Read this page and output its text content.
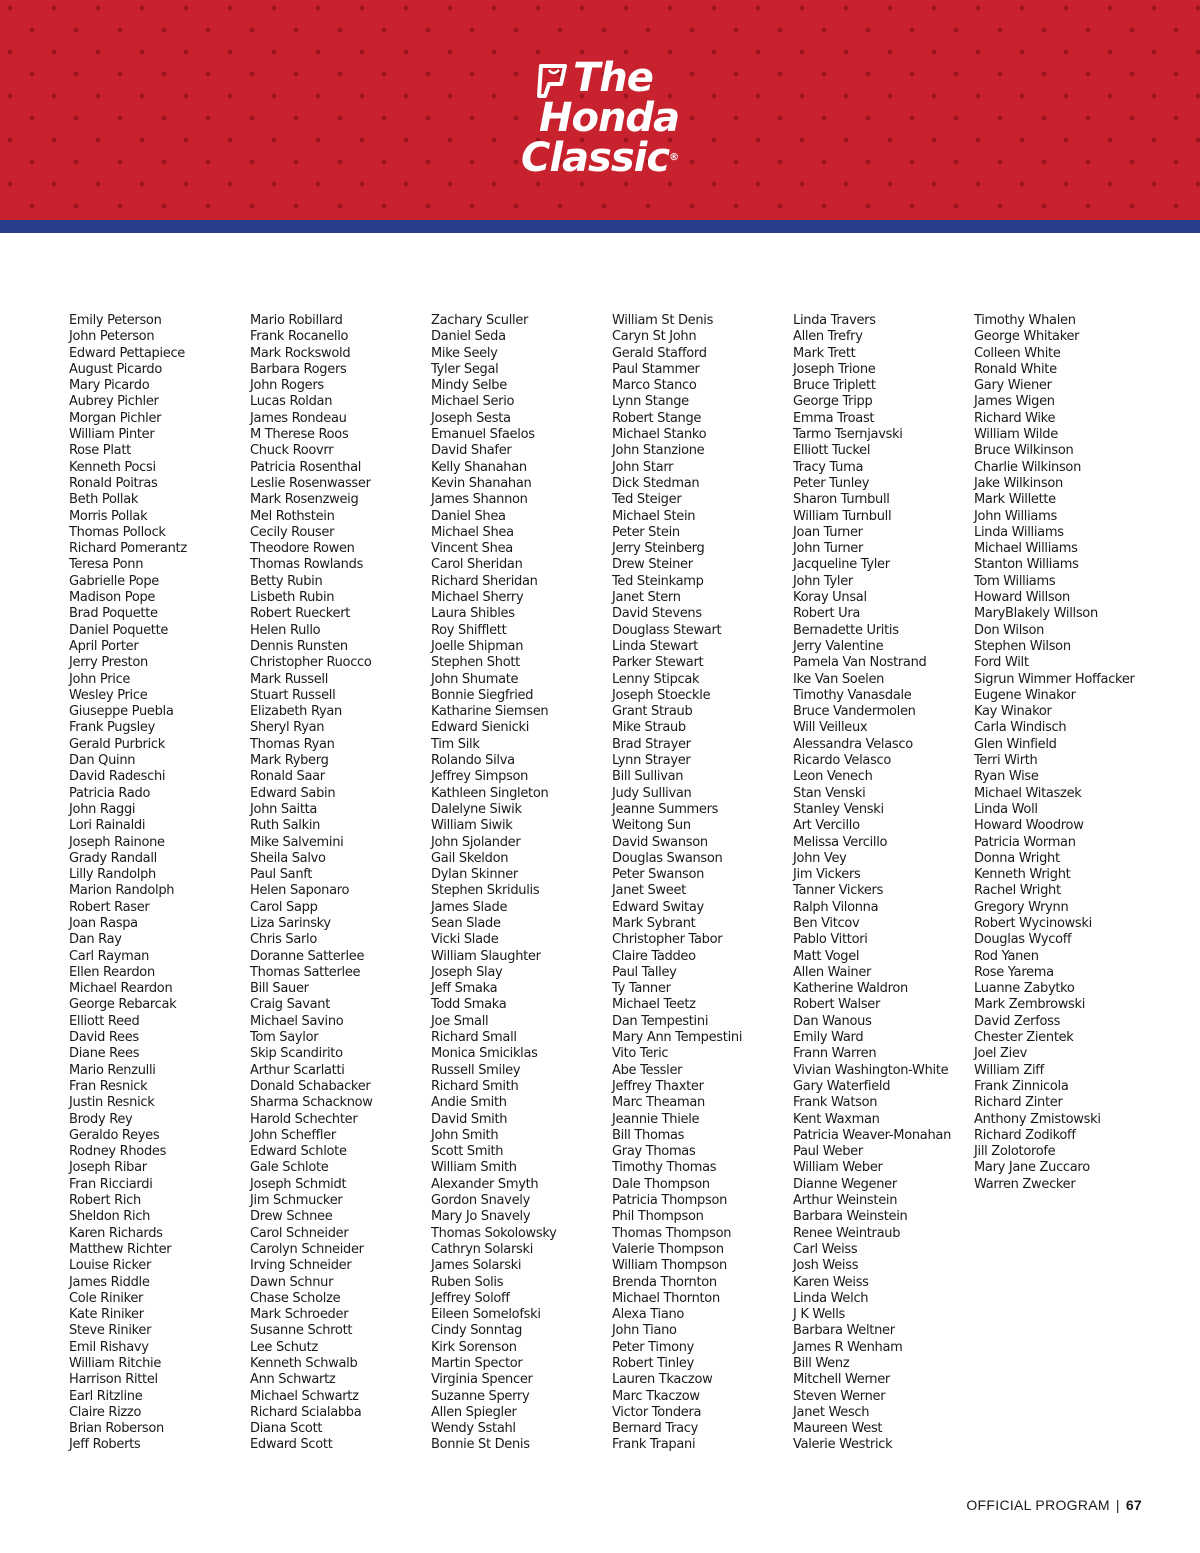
The
Honda
Classic®
Emily Peterson
John Peterson
Edward Pettapiece
August Picardo
Mary Picardo
Aubrey Pichler
Morgan Pichler
William Pinter
Rose Platt
Kenneth Pocsi
Ronald Poitras
Beth Pollak
Morris Pollak
Thomas Pollock
Richard Pomerantz
Teresa Ponn
Gabrielle Pope
Madison Pope
Brad Poquette
Daniel Poquette
April Porter
Jerry Preston
John Price
Wesley Price
Giuseppe Puebla
Frank Pugsley
Gerald Purbrick
Dan Quinn
David Radeschi
Patricia Rado
John Raggi
Lori Rainaldi
Joseph Rainone
Grady Randall
Lilly Randolph
Marion Randolph
Robert Raser
Joan Raspa
Dan Ray
Carl Rayman
Ellen Reardon
Michael Reardon
George Rebarcak
Elliott Reed
David Rees
Diane Rees
Mario Renzulli
Fran Resnick
Justin Resnick
Brody Rey
Geraldo Reyes
Rodney Rhodes
Joseph Ribar
Fran Ricciardi
Robert Rich
Sheldon Rich
Karen Richards
Matthew Richter
Louise Ricker
James Riddle
Cole Riniker
Kate Riniker
Steve Riniker
Emil Rishavy
William Ritchie
Harrison Rittel
Earl Ritzline
Claire Rizzo
Brian Roberson
Jeff Roberts
Mario Robillard
Frank Rocanello
Mark Rockswold
Barbara Rogers
John Rogers
Lucas Roldan
James Rondeau
M Therese Roos
Chuck Roovrr
Patricia Rosenthal
Leslie Rosenwasser
Mark Rosenzweig
Mel Rothstein
Cecily Rouser
Theodore Rowen
Thomas Rowlands
Betty Rubin
Lisbeth Rubin
Robert Rueckert
Helen Rullo
Dennis Runsten
Christopher Ruocco
Mark Russell
Stuart Russell
Elizabeth Ryan
Sheryl Ryan
Thomas Ryan
Mark Ryberg
Ronald Saar
Edward Sabin
John Saitta
Ruth Salkin
Mike Salvemini
Sheila Salvo
Paul Sanft
Helen Saponaro
Carol Sapp
Liza Sarinsky
Chris Sarlo
Doranne Satterlee
Thomas Satterlee
Bill Sauer
Craig Savant
Michael Savino
Tom Saylor
Skip Scandirito
Arthur Scarlatti
Donald Schabacker
Sharma Schacknow
Harold Schechter
John Scheffler
Edward Schlote
Gale Schlote
Joseph Schmidt
Jim Schmucker
Drew Schnee
Carol Schneider
Carolyn Schneider
Irving Schneider
Dawn Schnur
Chase Scholze
Mark Schroeder
Susanne Schrott
Lee Schutz
Kenneth Schwalb
Ann Schwartz
Michael Schwartz
Richard Scialabba
Diana Scott
Edward Scott
Zachary Sculler
Daniel Seda
Mike Seely
Tyler Segal
Mindy Selbe
Michael Serio
Joseph Sesta
Emanuel Sfaelos
David Shafer
Kelly Shanahan
Kevin Shanahan
James Shannon
Daniel Shea
Michael Shea
Vincent Shea
Carol Sheridan
Richard Sheridan
Michael Sherry
Laura Shibles
Roy Shifflett
Joelle Shipman
Stephen Shott
John Shumate
Bonnie Siegfried
Katharine Siemsen
Edward Sienicki
Tim Silk
Rolando Silva
Jeffrey Simpson
Kathleen Singleton
Dalelyne Siwik
William Siwik
John Sjolander
Gail Skeldon
Dylan Skinner
Stephen Skridulis
James Slade
Sean Slade
Vicki Slade
William Slaughter
Joseph Slay
Jeff Smaka
Todd Smaka
Joe Small
Richard Small
Monica Smiciklas
Russell Smiley
Richard Smith
Andie Smith
David Smith
John Smith
Scott Smith
William Smith
Alexander Smyth
Gordon Snavely
Mary Jo Snavely
Thomas Sokolowsky
Cathryn Solarski
James Solarski
Ruben Solis
Jeffrey Soloff
Eileen Somelofski
Cindy Sonntag
Kirk Sorenson
Martin Spector
Virginia Spencer
Suzanne Sperry
Allen Spiegler
Wendy Sstahl
Bonnie St Denis
William St Denis
Caryn St John
Gerald Stafford
Paul Stammer
Marco Stanco
Lynn Stange
Robert Stange
Michael Stanko
John Stanzione
John Starr
Dick Stedman
Ted Steiger
Michael Stein
Peter Stein
Jerry Steinberg
Drew Steiner
Ted Steinkamp
Janet Stern
David Stevens
Douglass Stewart
Linda Stewart
Parker Stewart
Lenny Stipcak
Joseph Stoeckle
Grant Straub
Mike Straub
Brad Strayer
Lynn Strayer
Bill Sullivan
Judy Sullivan
Jeanne Summers
Weitong Sun
David Swanson
Douglas Swanson
Peter Swanson
Janet Sweet
Edward Switay
Mark Sybrant
Christopher Tabor
Claire Taddeo
Paul Talley
Ty Tanner
Michael Teetz
Dan Tempestini
Mary Ann Tempestini
Vito Teric
Abe Tessler
Jeffrey Thaxter
Marc Theaman
Jeannie Thiele
Bill Thomas
Gray Thomas
Timothy Thomas
Dale Thompson
Patricia Thompson
Phil Thompson
Thomas Thompson
Valerie Thompson
William Thompson
Brenda Thornton
Michael Thornton
Alexa Tiano
John Tiano
Peter Timony
Robert Tinley
Lauren Tkaczow
Marc Tkaczow
Victor Tondera
Bernard Tracy
Frank Trapani
Linda Travers
Allen Trefry
Mark Trett
Joseph Trione
Bruce Triplett
George Tripp
Emma Troast
Tarmo Tsernjavski
Elliott Tuckel
Tracy Tuma
Peter Tunley
Sharon Turnbull
William Turnbull
Joan Turner
John Turner
Jacqueline Tyler
John Tyler
Koray Unsal
Robert Ura
Bernadette Uritis
Jerry Valentine
Pamela Van Nostrand
Ike Van Soelen
Timothy Vanasdale
Bruce Vandermolen
Will Veilleux
Alessandra Velasco
Ricardo Velasco
Leon Venech
Stan Venski
Stanley Venski
Art Vercillo
Melissa Vercillo
John Vey
Jim Vickers
Tanner Vickers
Ralph Vilonna
Ben Vitcov
Pablo Vittori
Matt Vogel
Allen Wainer
Katherine Waldron
Robert Walser
Dan Wanous
Emily Ward
Frann Warren
Vivian Washington-White
Gary Waterfield
Frank Watson
Kent Waxman
Patricia Weaver-Monahan
Paul Weber
William Weber
Dianne Wegener
Arthur Weinstein
Barbara Weinstein
Renee Weintraub
Carl Weiss
Josh Weiss
Karen Weiss
Linda Welch
J K Wells
Barbara Weltner
James R Wenham
Bill Wenz
Mitchell Werner
Steven Werner
Janet Wesch
Maureen West
Valerie Westrick
Timothy Whalen
George Whitaker
Colleen White
Ronald White
Gary Wiener
James Wigen
Richard Wike
William Wilde
Bruce Wilkinson
Charlie Wilkinson
Jake Wilkinson
Mark Willette
John Williams
Linda Williams
Michael Williams
Stanton Williams
Tom Williams
Howard Willson
MaryBlakely Willson
Don Wilson
Stephen Wilson
Ford Wilt
Sigrun Wimmer Hoffacker
Eugene Winakor
Kay Winakor
Carla Windisch
Glen Winfield
Terri Wirth
Ryan Wise
Michael Witaszek
Linda Woll
Howard Woodrow
Patricia Worman
Donna Wright
Kenneth Wright
Rachel Wright
Gregory Wrynn
Robert Wycinowski
Douglas Wycoff
Rod Yanen
Rose Yarema
Luanne Zabytko
Mark Zembrowski
David Zerfoss
Chester Zientek
Joel Ziev
William Ziff
Frank Zinnicola
Richard Zinter
Anthony Zmistowski
Richard Zodikoff
Jill Zolotorofe
Mary Jane Zuccaro
Warren Zwecker
OFFICIAL PROGRAM | 67
